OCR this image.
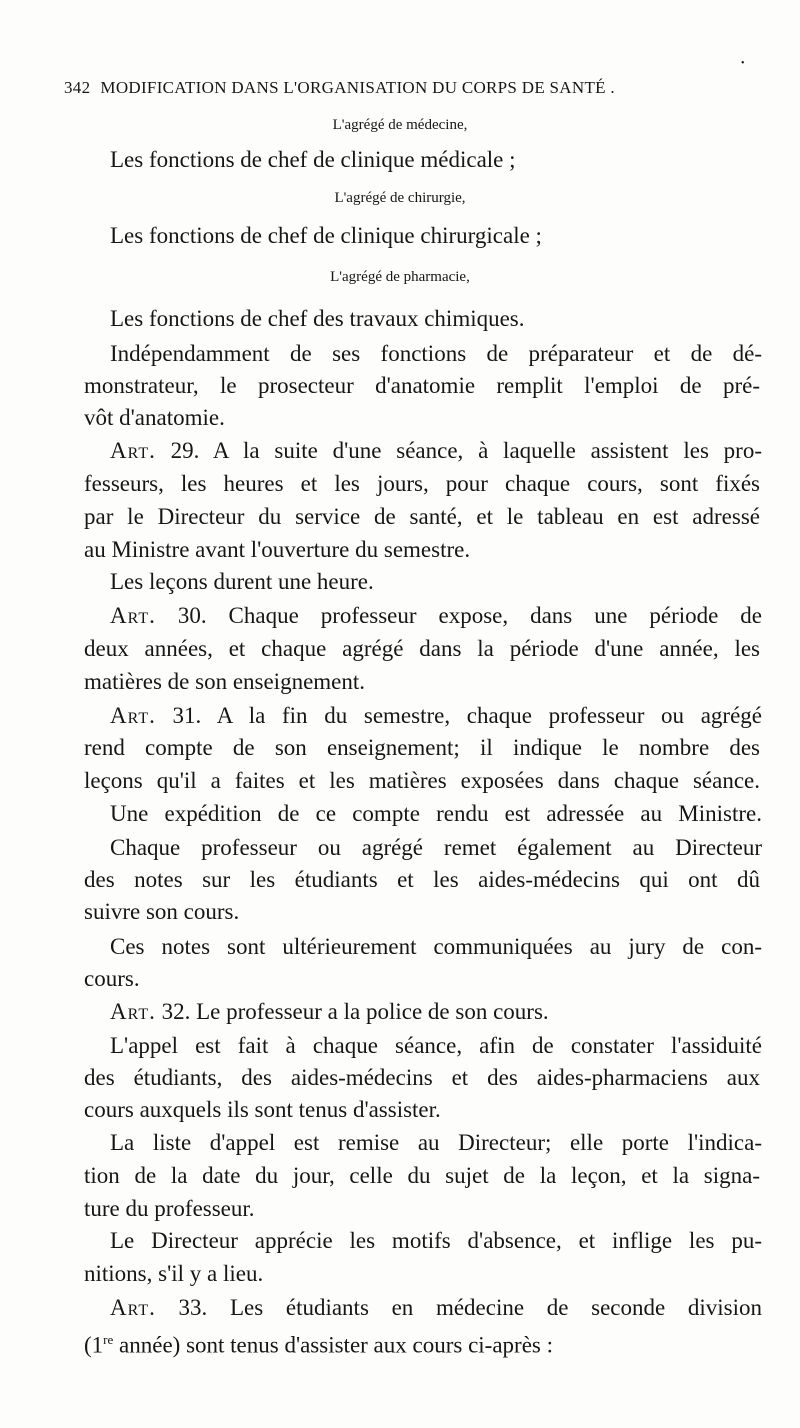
342 MODIFICATION DANS L'ORGANISATION DU CORPS DE SANTÉ .
•
L'agrégé de médecine,
Les fonctions de chef de clinique médicale ;
L'agrégé de chirurgie,
Les fonctions de chef de clinique chirurgicale ;
L'agrégé de pharmacie,
Les fonctions de chef des travaux chimiques.
Indépendamment de ses fonctions de préparateur et de dé-
monstrateur, le prosecteur d'anatomie remplit l'emploi de pré-
vôt d'anatomie.
Art. 29. A la suite d'une séance, à laquelle assistent les pro-
fesseurs, les heures et les jours, pour chaque cours, sont fixés
par le Directeur du service de santé, et le tableau en est adressé
au Ministre avant l'ouverture du semestre.
Les leçons durent une heure.
Art. 30. Chaque professeur expose, dans une période de
deux années, et chaque agrégé dans la période d'une année, les
matières de son enseignement.
Art. 31. A la fin du semestre, chaque professeur ou agrégé
rend compte de son enseignement; il indique le nombre des
leçons qu'il a faites et les matières exposées dans chaque séance.
Une expédition de ce compte rendu est adressée au Ministre.
Chaque professeur ou agrégé remet également au Directeur
des notes sur les étudiants et les aides-médecins qui ont dû
suivre son cours.
Ces notes sont ultérieurement communiquées au jury de con-
cours.
Art. 32. Le professeur a la police de son cours.
L'appel est fait à chaque séance, afin de constater l'assiduité
des étudiants, des aides-médecins et des aides-pharmaciens aux
cours auxquels ils sont tenus d'assister.
La liste d'appel est remise au Directeur; elle porte l'indica-
tion de la date du jour, celle du sujet de la leçon, et la signa-
ture du professeur.
Le Directeur apprécie les motifs d'absence, et inflige les pu-
nitions, s'il y a lieu.
Art. 33. Les étudiants en médecine de seconde division
(1re année) sont tenus d'assister aux cours ci-après :
